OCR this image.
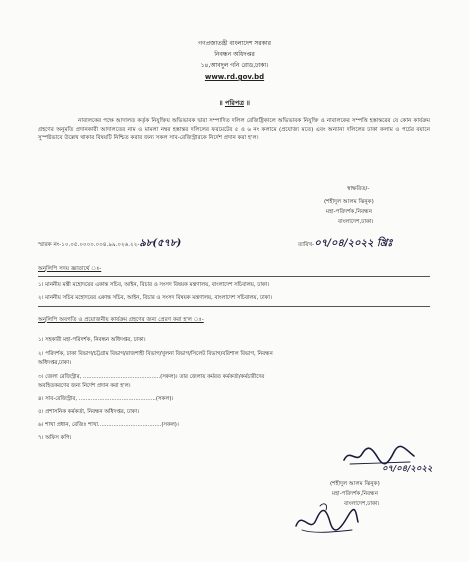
গণপ্রজাতন্ত্রী বাংলাদেশ সরকার
নিবন্ধন অধিদপ্তর
১৪,আবদুল গনি রোড,ঢাকা।
www.rd.gov.bd
॥ পরিপত্র ॥
নাবালকের পক্ষে আদালত কর্তৃক নিযুক্তিয় অভিভাবক দ্বারা সম্পাদিত দলিল রেজিষ্ট্রিকালে অভিভাবক নিযুক্তি ও নাবালকের সম্পত্তি হস্তান্তরের যে কোন কার্যক্রম গ্রহণের অনুমতি প্রদানকারী আদালতের নাম ও মামলা নম্বর হস্তান্তর দলিলের ফরমেটের ৫ ও ৬ নং কলামে (প্রযোজ্য মতে) এবং অন্যান্য দলিলের ঢাকা কলাম ও পর্চের বয়ানে সুস্পষ্টভাবে উল্লেখ থাকার বিষয়টি নিশ্চিত করার জন্য সকল সাব-রেজিস্ট্রারকে নির্দেশ প্রদান করা হ'ল।
স্বাক্ষরিত/-
(শহীদুল আলম ঝিনুক)
মহা-পরিদর্শক,নিবন্ধন
বাংলাদেশ,ঢাকা।
স্মারক নং-১০.০৫.০০০০.০০৪.৯৯.০২৬.২২-৯৮(৫৭৮)	তারিখ-০৭/০৪/২০২২ খ্রিঃ
অনুলিপি সদয় জ্ঞাতার্থে ঃ-
১। মাননীয় মন্ত্রী মহোদয়ের একান্ত সচিব, আইন, বিচার ও সংসদ বিষয়ক মন্ত্রণালয়, বাংলাদেশ সচিবালয়, ঢাকা।
২। মাননীয় সচিব মহোদয়ের একান্ত সচিব, আইন, বিচার ও সংসদ বিষয়ক মন্ত্রণালয়, বাংলাদেশ সচিবালয়, ঢাকা।
অনুলিপি অবগতি ও প্রয়োজনীয় কার্যক্রম গ্রহণের জন্য প্রেরণ করা হ'ল ঃ-
১। সহকারী মহা-পরিদর্শক, নিবন্ধন অধিদপ্তর, ঢাকা।
২। পরিদর্শক, ঢাকা বিভাগ/চট্টগ্রাম বিভাগ/রাজশাহী বিভাগ/খুলনা বিভাগ/সিলেট বিভাগ/বরিশাল বিভাগ, নিবন্ধন
অধিদপ্তর,ঢাকা।
৩। জেলা রেজিস্ট্রার, .............................................(সকল)। তার জেলায় কর্মরত কর্মকর্তা/কর্মচারীদের
অবহিতকরণের জন্য নির্দেশ প্রদান করা হ'ল।
৪। সাব-রেজিস্ট্রার, .............................................(সকল)।
৫। প্রশাসনিক কর্মকর্তা, নিবন্ধন অধিদপ্তর, ঢাকা।
৬। শাখা প্রধান, রেজিঃ শাখা.....................................(সকল)।
৭। অফিস কপি।
০৭/০৪/২০২২
(শহীদুল আলম ঝিনুক)
মহা-পরিদর্শক,নিবন্ধন
বাংলাদেশ,ঢাকা।
